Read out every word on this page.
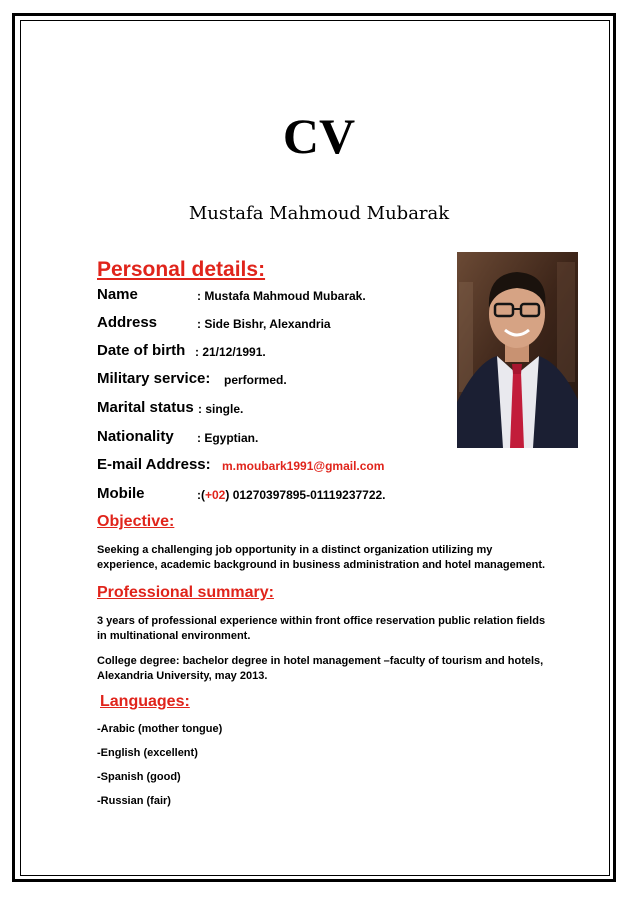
CV
Mustafa Mahmoud Mubarak
Personal details:
Name	: Mustafa Mahmoud Mubarak.
Address	: Side Bishr, Alexandria
Date of birth : 21/12/1991.
Military service: performed.
Marital status : single.
Nationality : Egyptian.
E-mail Address: m.moubark1991@gmail.com
Mobile	:(+02) 01270397895-01119237722.
Objective:
Seeking a challenging job opportunity in a distinct organization utilizing my experience, academic background in business administration and hotel management.
Professional summary:
3 years of professional experience within front office reservation public relation fields in multinational environment.
College degree: bachelor degree in hotel management –faculty of tourism and hotels, Alexandria University, may 2013.
Languages:
-Arabic (mother tongue)
-English (excellent)
-Spanish (good)
-Russian (fair)
